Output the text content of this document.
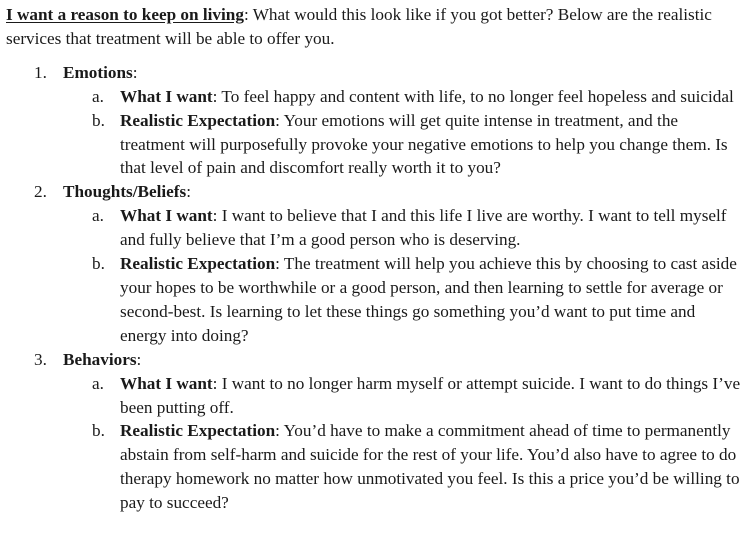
I want a reason to keep on living: What would this look like if you got better? Below are the realistic services that treatment will be able to offer you.

1. Emotions:
a. What I want: To feel happy and content with life, to no longer feel hopeless and suicidal
b. Realistic Expectation: Your emotions will get quite intense in treatment, and the treatment will purposefully provoke your negative emotions to help you change them. Is that level of pain and discomfort really worth it to you?
2. Thoughts/Beliefs:
a. What I want: I want to believe that I and this life I live are worthy. I want to tell myself and fully believe that I’m a good person who is deserving.
b. Realistic Expectation: The treatment will help you achieve this by choosing to cast aside your hopes to be worthwhile or a good person, and then learning to settle for average or second-best. Is learning to let these things go something you’d want to put time and energy into doing?
3. Behaviors:
a. What I want: I want to no longer harm myself or attempt suicide. I want to do things I’ve been putting off.
b. Realistic Expectation: You’d have to make a commitment ahead of time to permanently abstain from self-harm and suicide for the rest of your life. You’d also have to agree to do therapy homework no matter how unmotivated you feel. Is this a price you’d be willing to pay to succeed?
